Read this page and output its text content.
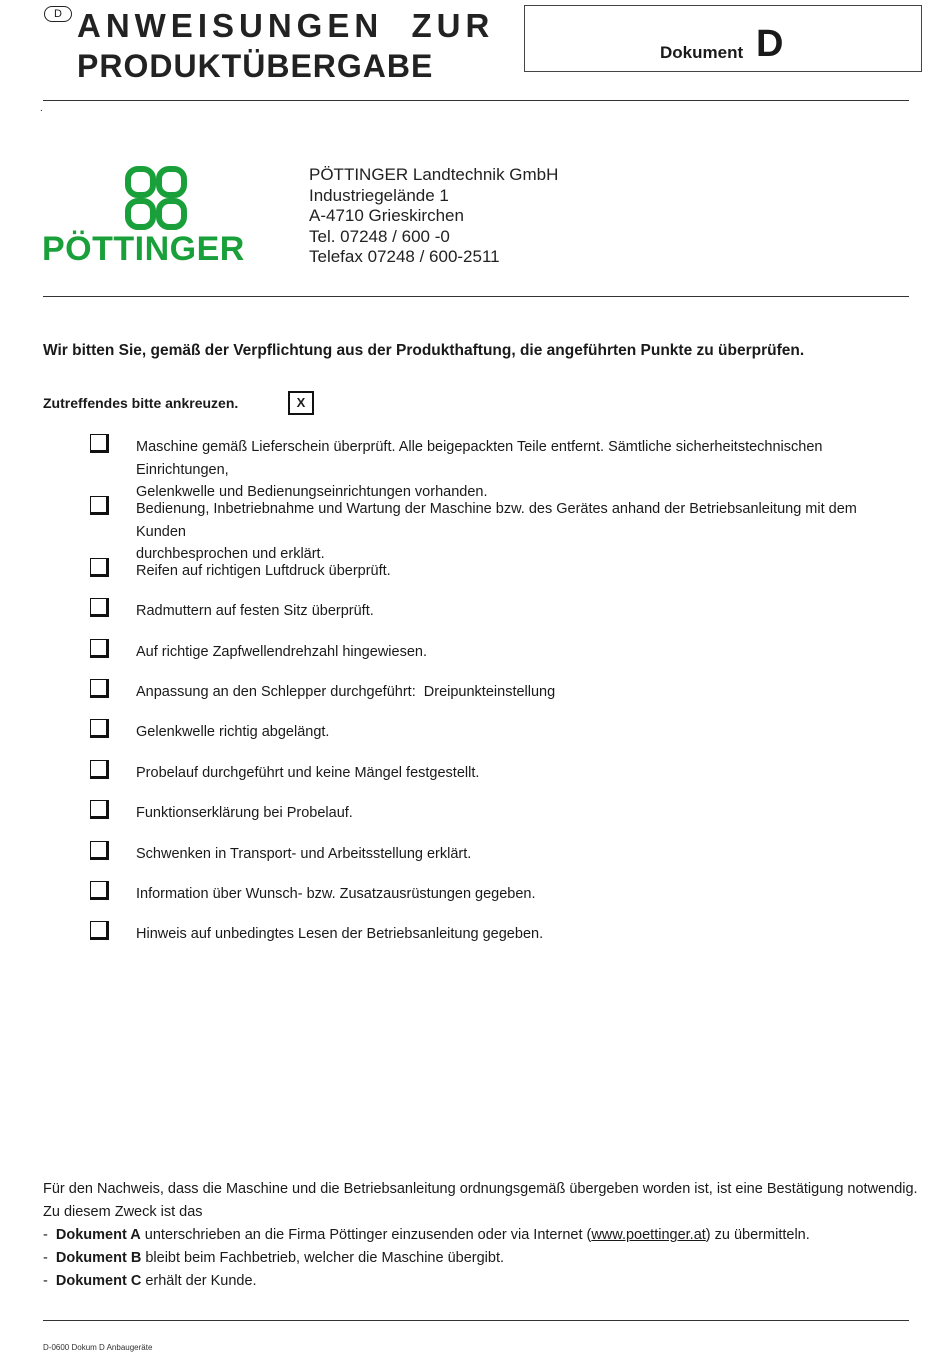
D ANWEISUNGEN  ZUR
PRODUKTÜBERGABE	Dokument D
.
PÖTTINGER
PÖTTINGER Landtechnik GmbH
Industriegelände 1
A-4710 Grieskirchen
Tel. 07248 / 600 -0
Telefax 07248 / 600-2511
Wir bitten Sie, gemäß der Verpflichtung aus der Produkthaftung, die angeführten Punkte zu überprüfen.
Zutreffendes bitte ankreuzen.	X
Maschine gemäß Lieferschein überprüft. Alle beigepackten Teile entfernt. Sämtliche sicherheitstechnischen Einrichtungen,
Gelenkwelle und Bedienungseinrichtungen vorhanden.
Bedienung, Inbetriebnahme und Wartung der Maschine bzw. des Gerätes anhand der Betriebsanleitung mit dem Kunden
durchbesprochen und erklärt.
Reifen auf richtigen Luftdruck überprüft.
Radmuttern auf festen Sitz überprüft.
Auf richtige Zapfwellendrehzahl hingewiesen.
Anpassung an den Schlepper durchgeführt:  Dreipunkteinstellung
Gelenkwelle richtig abgelängt.
Probelauf durchgeführt und keine Mängel festgestellt.
Funktionserklärung bei Probelauf.
Schwenken in Transport- und Arbeitsstellung erklärt.
Information über Wunsch- bzw. Zusatzausrüstungen gegeben.
Hinweis auf unbedingtes Lesen der Betriebsanleitung gegeben.
Für den Nachweis, dass die Maschine und die Betriebsanleitung ordnungsgemäß übergeben worden ist, ist eine Bestätigung notwendig.
Zu diesem Zweck ist das
- Dokument A unterschrieben an die Firma Pöttinger einzusenden oder via Internet (www.poettinger.at) zu übermitteln.
- Dokument B bleibt beim Fachbetrieb, welcher die Maschine übergibt.
- Dokument C erhält der Kunde.
D-0600 Dokum D Anbaugeräte
